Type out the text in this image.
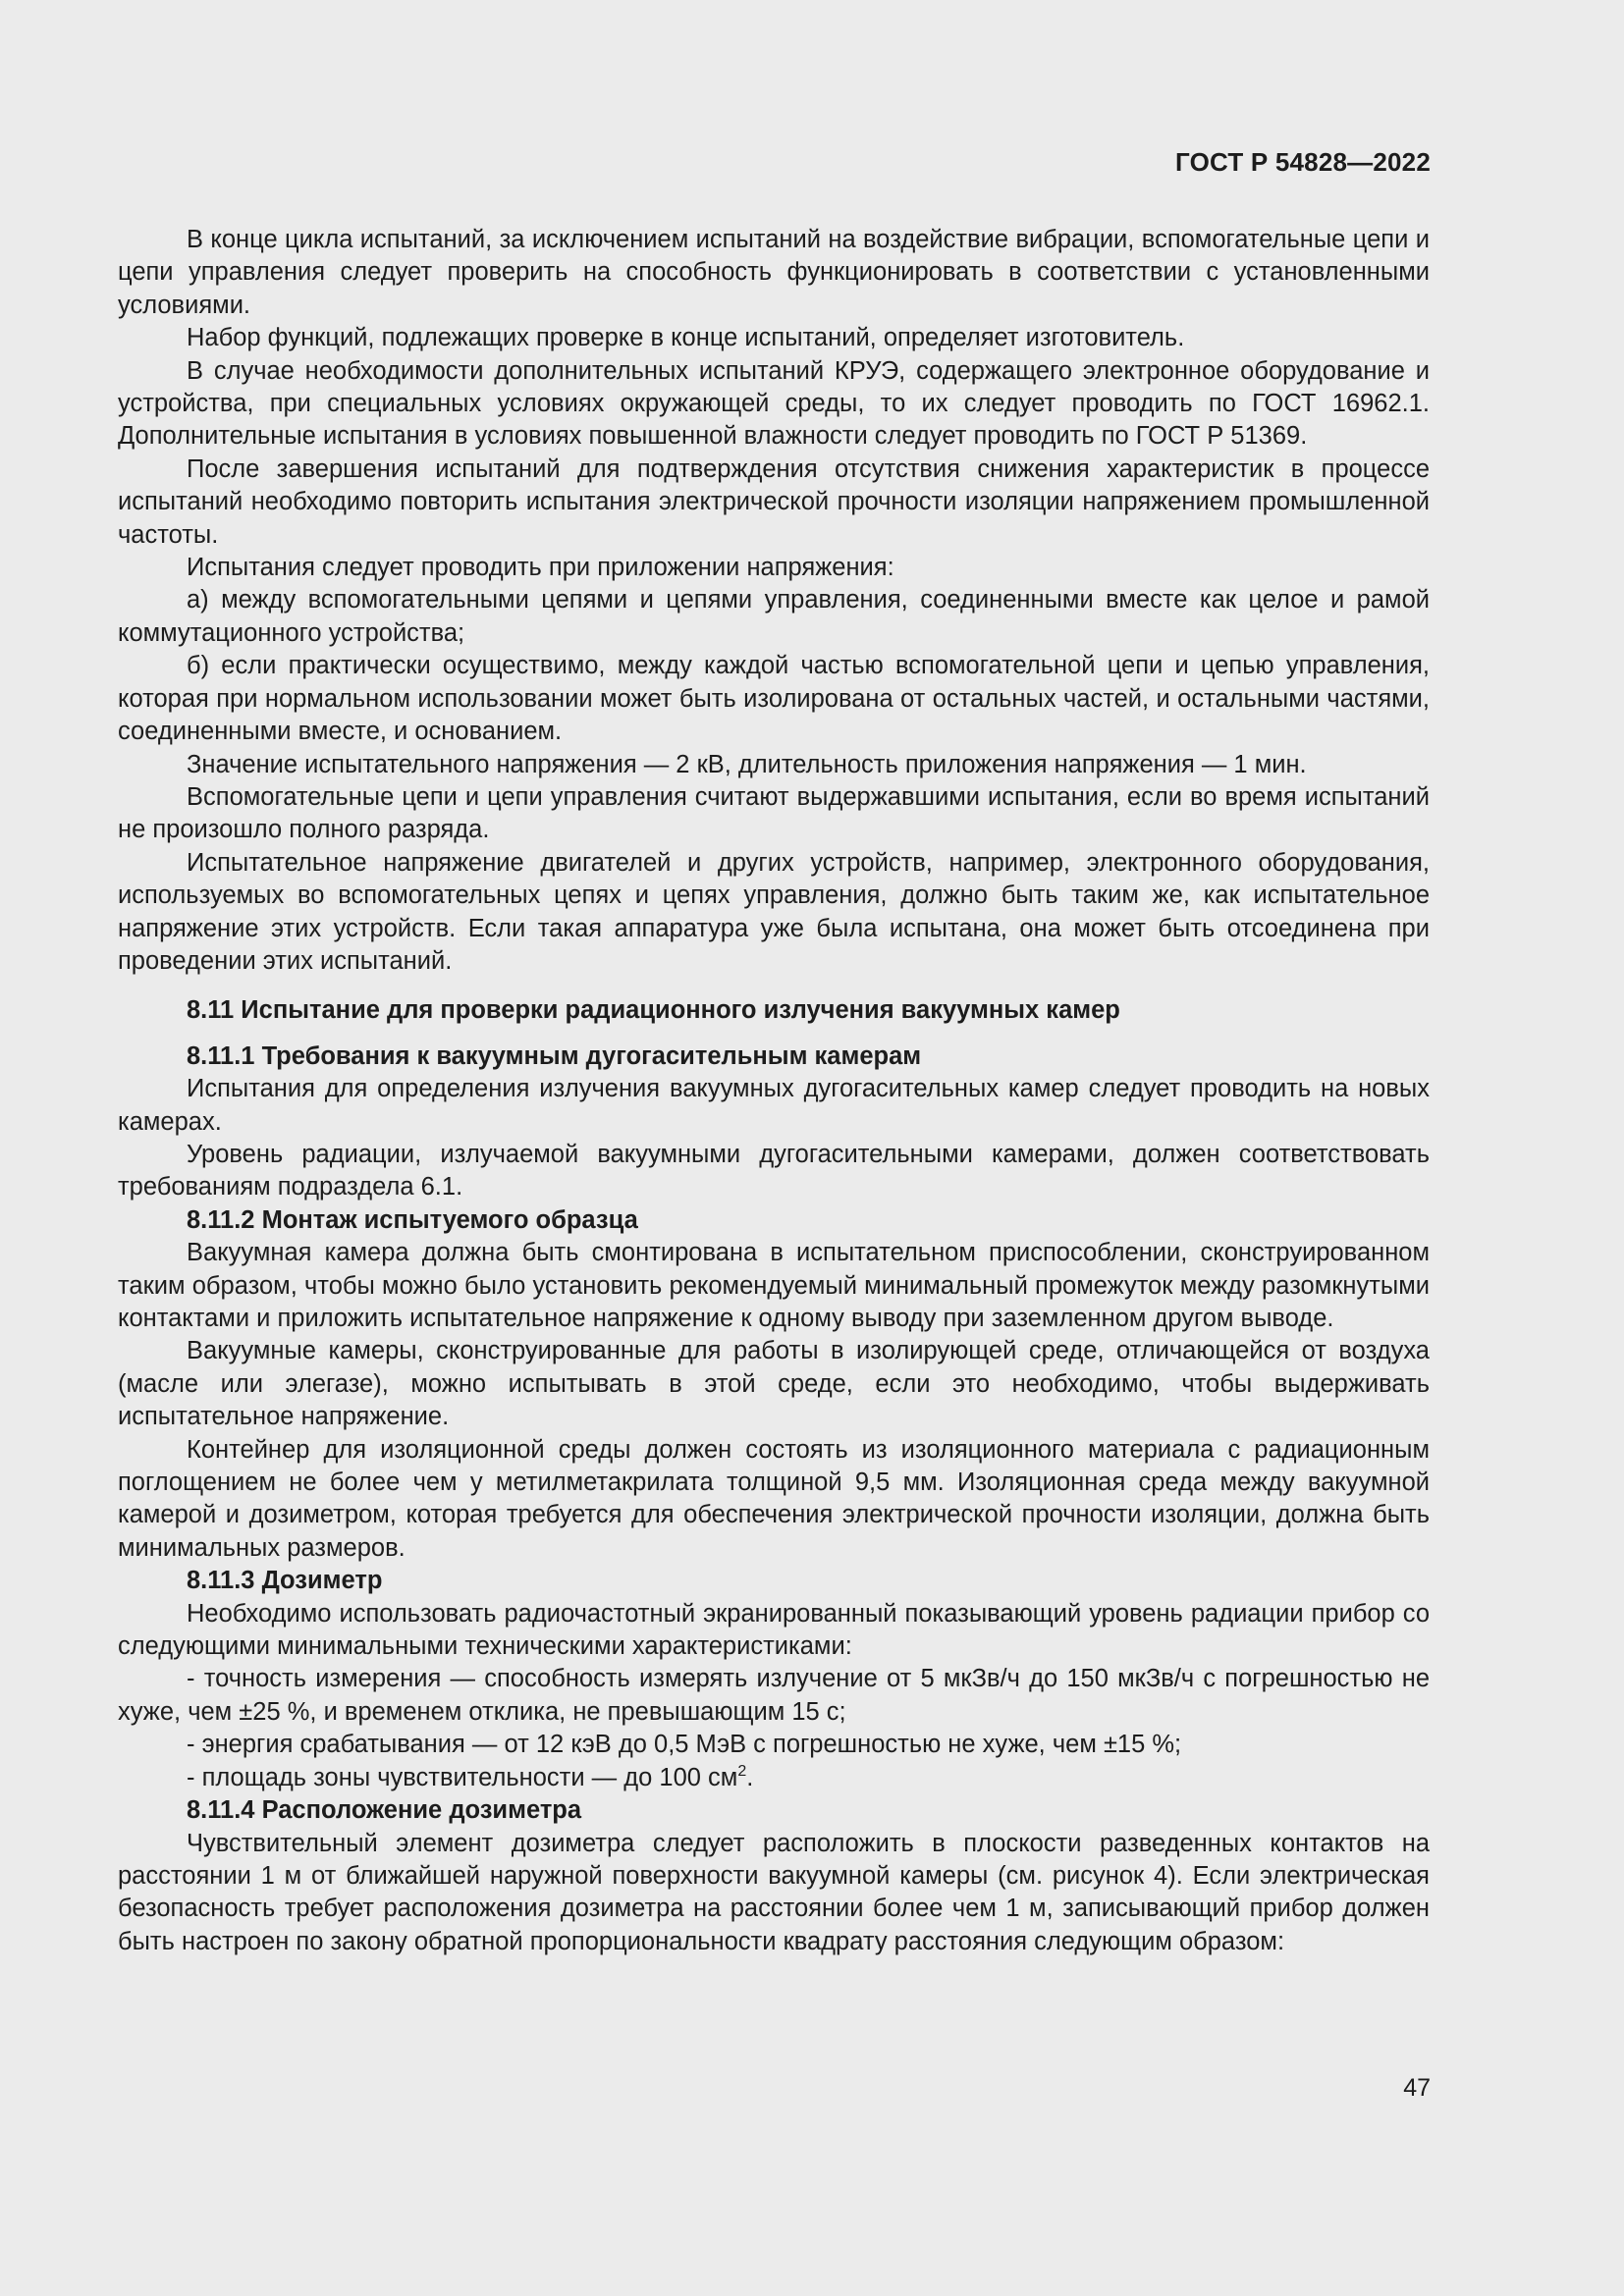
ГОСТ Р 54828—2022

В конце цикла испытаний, за исключением испытаний на воздействие вибрации, вспомогательные цепи и цепи управления следует проверить на способность функционировать в соответствии с установленными условиями.

Набор функций, подлежащих проверке в конце испытаний, определяет изготовитель.

В случае необходимости дополнительных испытаний КРУЭ, содержащего электронное оборудование и устройства, при специальных условиях окружающей среды, то их следует проводить по ГОСТ 16962.1. Дополнительные испытания в условиях повышенной влажности следует проводить по ГОСТ Р 51369.

После завершения испытаний для подтверждения отсутствия снижения характеристик в процессе испытаний необходимо повторить испытания электрической прочности изоляции напряжением промышленной частоты.

Испытания следует проводить при приложении напряжения:

а) между вспомогательными цепями и цепями управления, соединенными вместе как целое и рамой коммутационного устройства;

б) если практически осуществимо, между каждой частью вспомогательной цепи и цепью управления, которая при нормальном использовании может быть изолирована от остальных частей, и остальными частями, соединенными вместе, и основанием.

Значение испытательного напряжения — 2 кВ, длительность приложения напряжения — 1 мин.

Вспомогательные цепи и цепи управления считают выдержавшими испытания, если во время испытаний не произошло полного разряда.

Испытательное напряжение двигателей и других устройств, например, электронного оборудования, используемых во вспомогательных цепях и цепях управления, должно быть таким же, как испытательное напряжение этих устройств. Если такая аппаратура уже была испытана, она может быть отсоединена при проведении этих испытаний.

8.11 Испытание для проверки радиационного излучения вакуумных камер
8.11.1 Требования к вакуумным дугогасительным камерам

Испытания для определения излучения вакуумных дугогасительных камер следует проводить на новых камерах.

Уровень радиации, излучаемой вакуумными дугогасительными камерами, должен соответствовать требованиям подраздела 6.1.

8.11.2 Монтаж испытуемого образца

Вакуумная камера должна быть смонтирована в испытательном приспособлении, сконструированном таким образом, чтобы можно было установить рекомендуемый минимальный промежуток между разомкнутыми контактами и приложить испытательное напряжение к одному выводу при заземленном другом выводе.

Вакуумные камеры, сконструированные для работы в изолирующей среде, отличающейся от воздуха (масле или элегазе), можно испытывать в этой среде, если это необходимо, чтобы выдерживать испытательное напряжение.

Контейнер для изоляционной среды должен состоять из изоляционного материала с радиационным поглощением не более чем у метилметакрилата толщиной 9,5 мм. Изоляционная среда между вакуумной камерой и дозиметром, которая требуется для обеспечения электрической прочности изоляции, должна быть минимальных размеров.

8.11.3 Дозиметр

Необходимо использовать радиочастотный экранированный показывающий уровень радиации прибор со следующими минимальными техническими характеристиками:

- точность измерения — способность измерять излучение от 5 мкЗв/ч до 150 мкЗв/ч с погрешностью не хуже, чем ±25 %, и временем отклика, не превышающим 15 с;

- энергия срабатывания — от 12 кэВ до 0,5 МэВ с погрешностью не хуже, чем ±15 %;

- площадь зоны чувствительности — до 100 $см^2$.

8.11.4 Расположение дозиметра

Чувствительный элемент дозиметра следует расположить в плоскости разведенных контактов на расстоянии 1 м от ближайшей наружной поверхности вакуумной камеры (см. рисунок 4). Если электрическая безопасность требует расположения дозиметра на расстоянии более чем 1 м, записывающий прибор должен быть настроен по закону обратной пропорциональности квадрату расстояния следующим образом:

47
